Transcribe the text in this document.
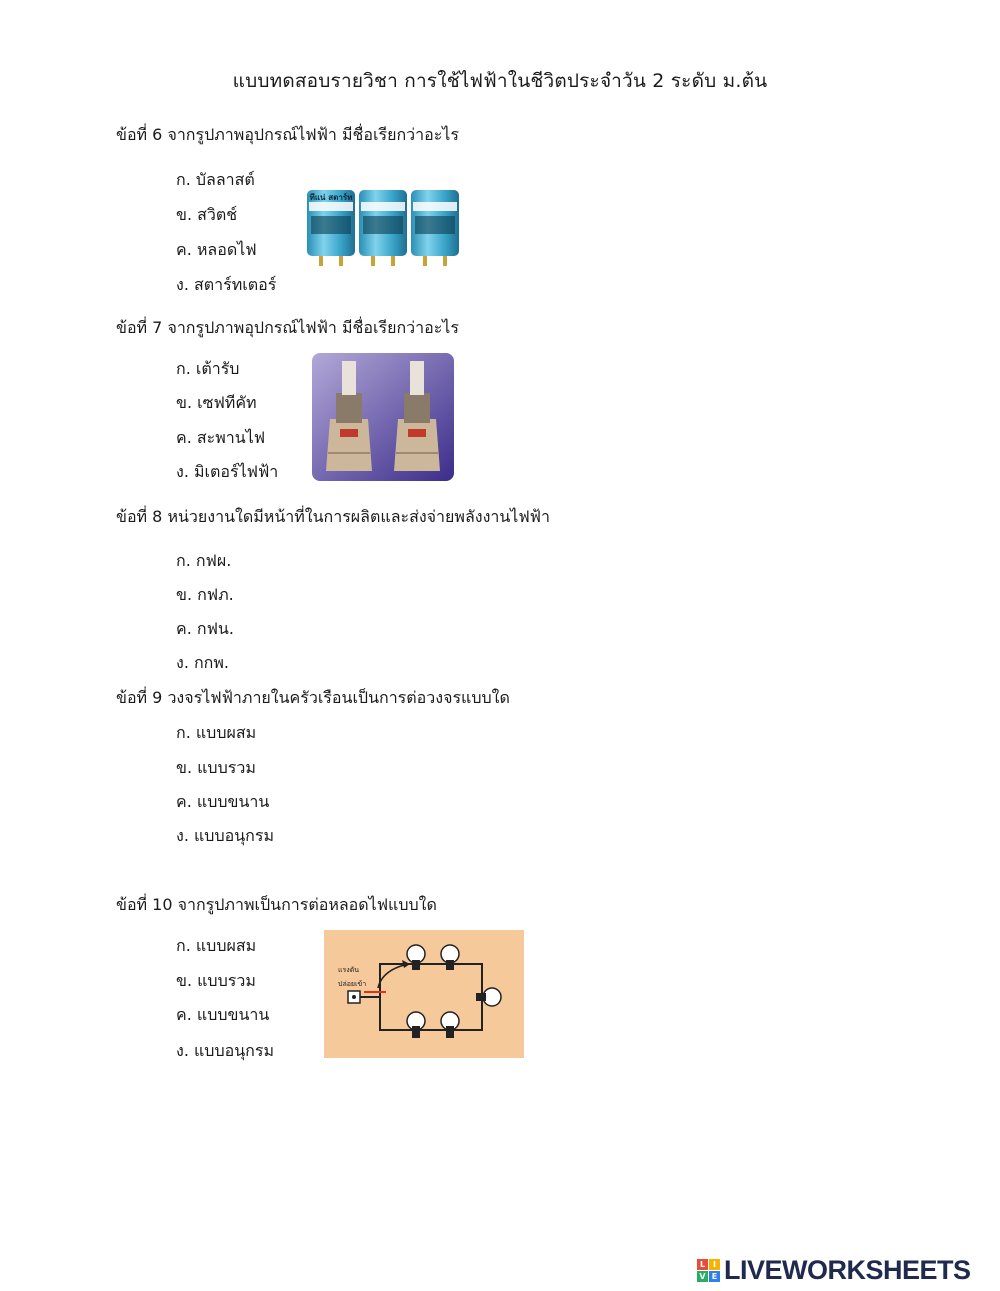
แบบทดสอบรายวิชา การใช้ไฟฟ้าในชีวิตประจำวัน 2 ระดับ ม.ต้น
ข้อที่ 6 จากรูปภาพอุปกรณ์ไฟฟ้า มีชื่อเรียกว่าอะไร
ก. บัลลาสต์
ข. สวิตช์
ค. หลอดไฟ
ง. สตาร์ทเตอร์
ทีแน่ สตาร์ท
ข้อที่ 7 จากรูปภาพอุปกรณ์ไฟฟ้า มีชื่อเรียกว่าอะไร
ก. เต้ารับ
ข. เซฟทีคัท
ค. สะพานไฟ
ง. มิเตอร์ไฟฟ้า
ข้อที่ 8 หน่วยงานใดมีหน้าที่ในการผลิตและส่งจ่ายพลังงานไฟฟ้า
ก. กฟผ.
ข. กฟภ.
ค. กฟน.
ง. กกพ.
ข้อที่ 9 วงจรไฟฟ้าภายในครัวเรือนเป็นการต่อวงจรแบบใด
ก. แบบผสม
ข. แบบรวม
ค. แบบขนาน
ง. แบบอนุกรม
ข้อที่ 10 จากรูปภาพเป็นการต่อหลอดไฟแบบใด
ก. แบบผสม
ข. แบบรวม
ค. แบบขนาน
ง. แบบอนุกรม
แรงดัน
ปล่อยเข้า
L I
V E LIVEWORKSHEETS
